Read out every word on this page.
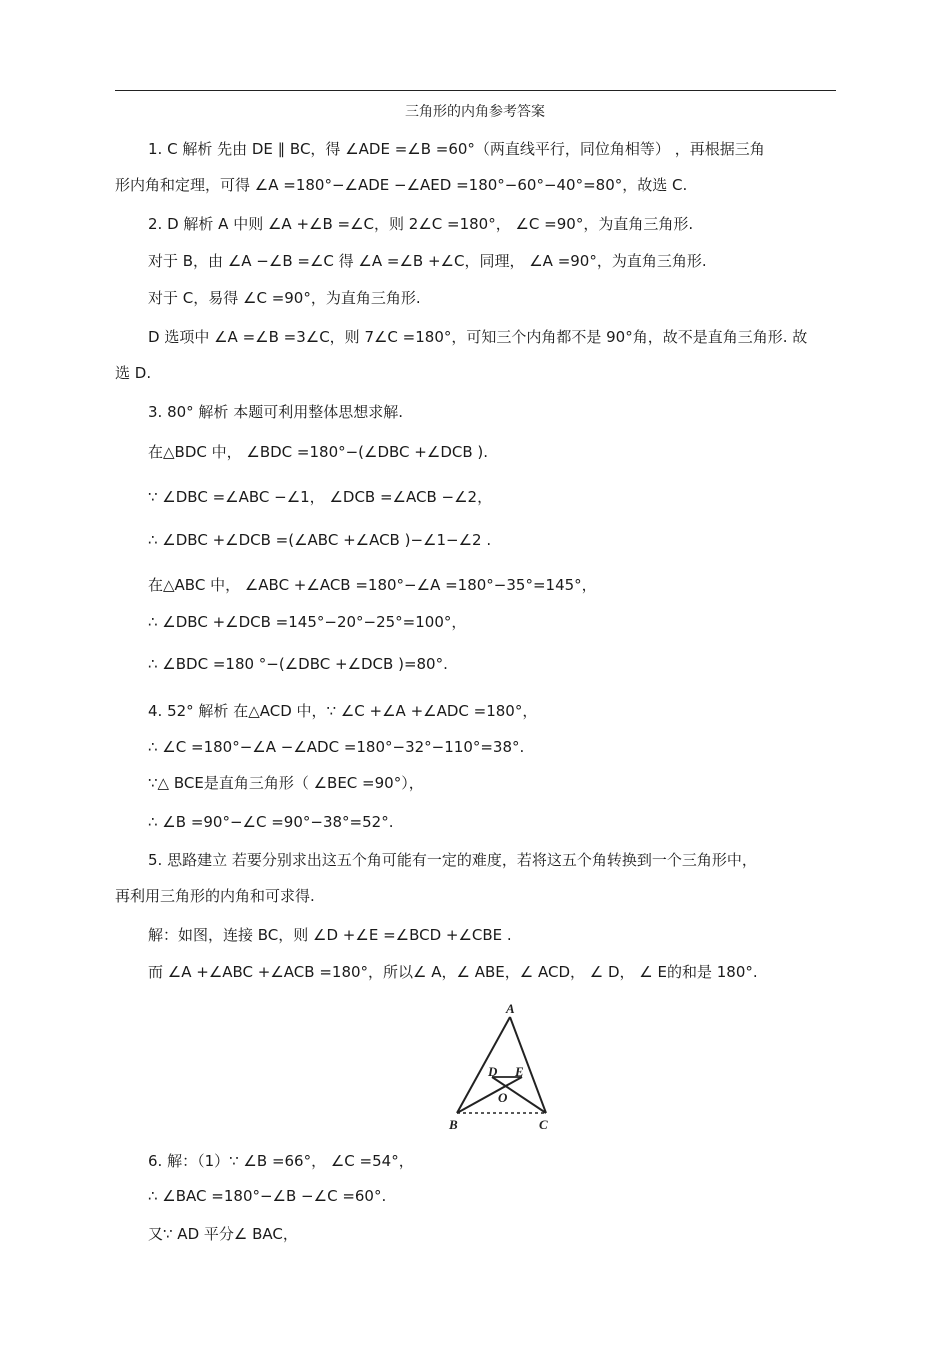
三角形的内角参考答案
1. C 解析 先由 DE ∥ BC，得 ∠ADE =∠B =60°（两直线平行，同位角相等） ，再根据三角
形内角和定理，可得 ∠A =180°−∠ADE −∠AED =180°−60°−40°=80°，故选 C.
2. D 解析 A 中则 ∠A +∠B =∠C，则 2∠C =180°， ∠C =90°，为直角三角形.
对于 B，由 ∠A −∠B =∠C 得 ∠A =∠B +∠C，同理， ∠A =90°，为直角三角形.
对于 C，易得 ∠C =90°，为直角三角形.
D 选项中 ∠A =∠B =3∠C，则 7∠C =180°，可知三个内角都不是 90°角，故不是直角三角形. 故
选 D.
3. 80° 解析 本题可利用整体思想求解.
在△BDC 中， ∠BDC =180°−(∠DBC +∠DCB ).
∵ ∠DBC =∠ABC −∠1， ∠DCB =∠ACB −∠2，
∴ ∠DBC +∠DCB =(∠ABC +∠ACB )−∠1−∠2 .
在△ABC 中， ∠ABC +∠ACB =180°−∠A =180°−35°=145°，
∴ ∠DBC +∠DCB =145°−20°−25°=100°，
∴ ∠BDC =180 °−(∠DBC +∠DCB )=80°.
4. 52° 解析 在△ACD 中，∵ ∠C +∠A +∠ADC =180°，
∴ ∠C =180°−∠A −∠ADC =180°−32°−110°=38°.
∵△ BCE是直角三角形（ ∠BEC =90°），
∴ ∠B =90°−∠C =90°−38°=52°.
5. 思路建立 若要分别求出这五个角可能有一定的难度，若将这五个角转换到一个三角形中，
再利用三角形的内角和可求得.
解：如图，连接 BC，则 ∠D +∠E =∠BCD +∠CBE .
而 ∠A +∠ABC +∠ACB =180°，所以∠ A，∠ ABE，∠ ACD， ∠ D， ∠ E的和是 180°.
A
D E
O
B	C
6. 解：（1）∵ ∠B =66°， ∠C =54°，
∴ ∠BAC =180°−∠B −∠C =60°.
又∵ AD 平分∠ BAC，
